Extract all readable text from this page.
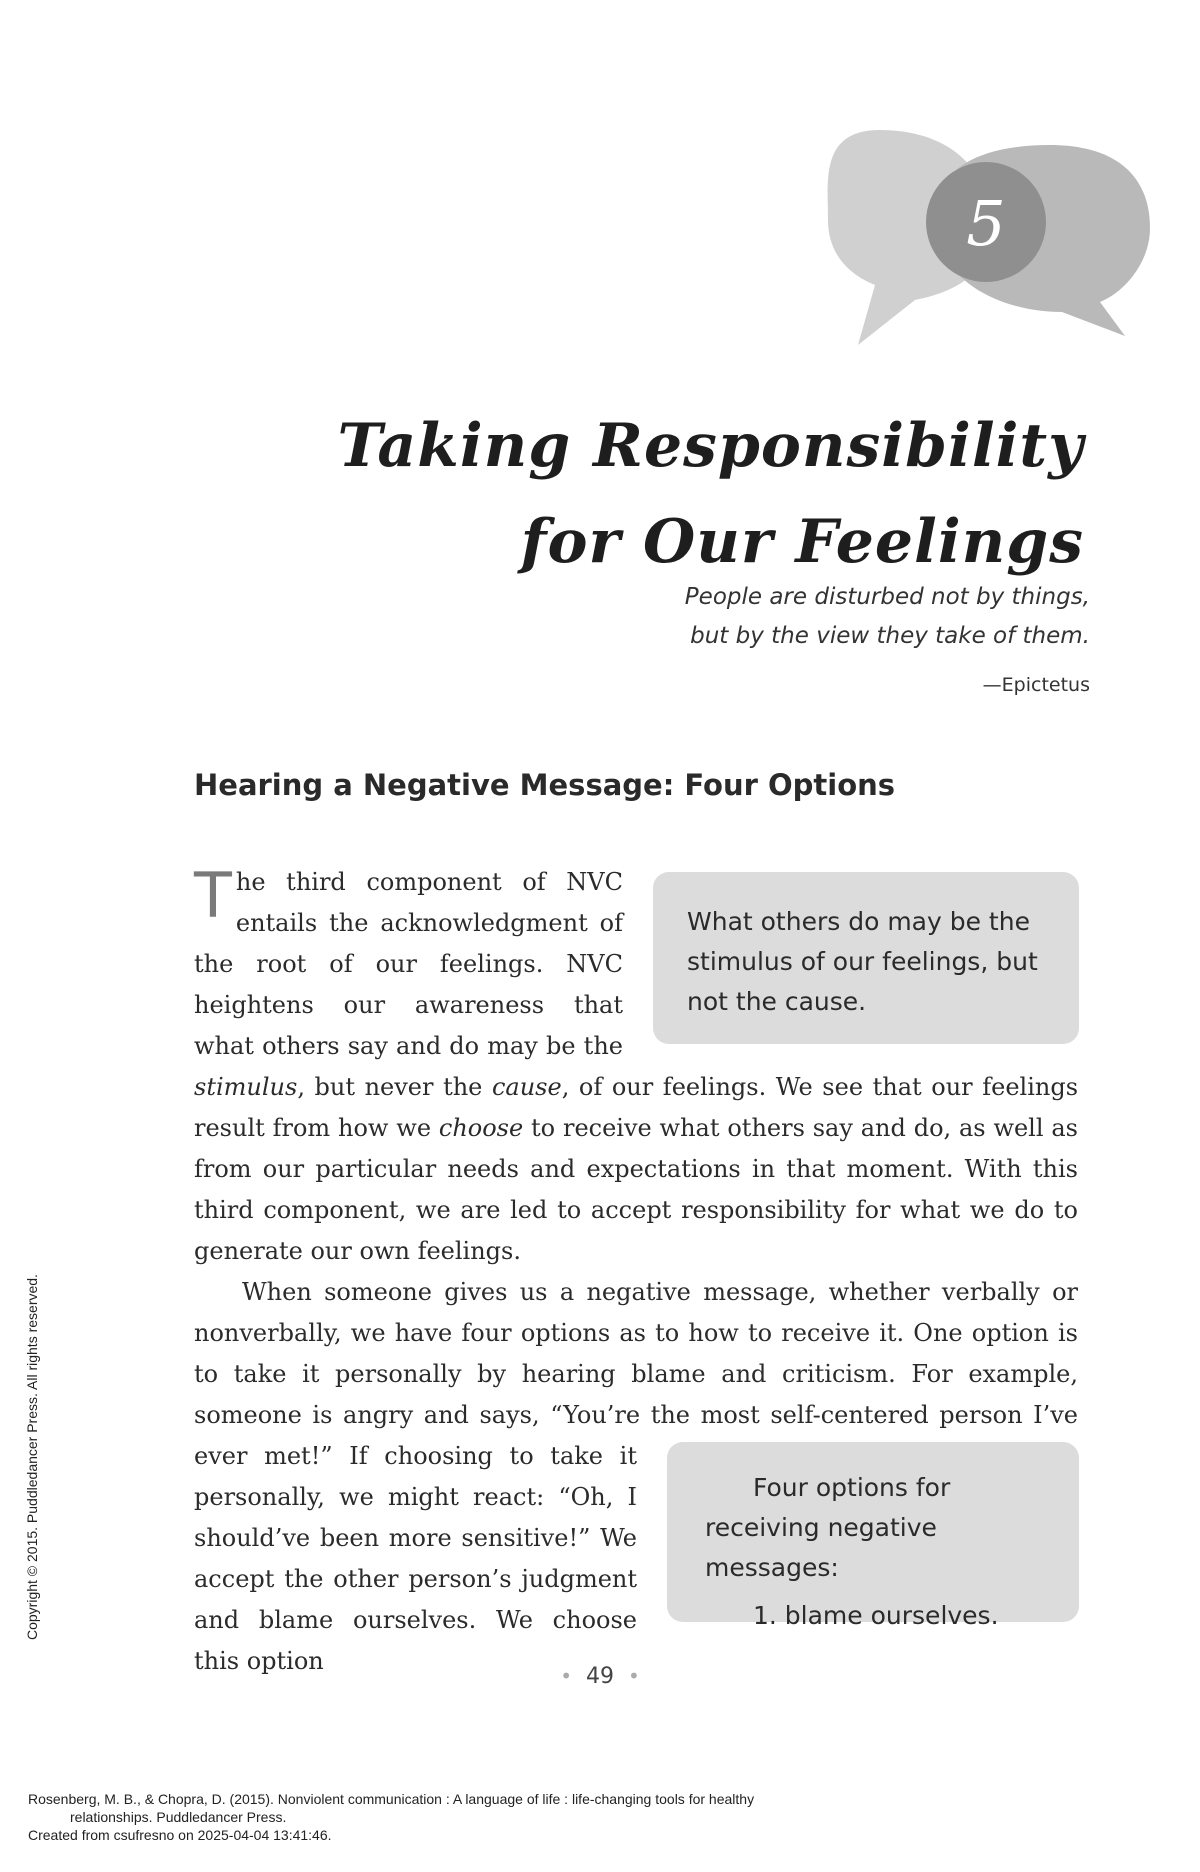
5
Taking Responsibility
for Our Feelings
People are disturbed not by things,
but by the view they take of them.
—Epictetus
Hearing a Negative Message: Four Options
What others do may be the stimulus of our feelings, but not the cause.

The third component of NVC entails the acknowledgment of the root of our feelings. NVC heightens our awareness that what others say and do may be the stimulus, but never the cause, of our feelings. We see that our feelings result from how we choose to receive what others say and do, as well as from our particular needs and expectations in that moment. With this third component, we are led to accept responsibility for what we do to generate our own feelings.

When someone gives us a negative message, whether verbally or nonverbally, we have four options as to how to receive it. One option is to take it personally by hearing blame and criticism. For example, someone is angry and says, “You’re the most self-centered
Four options for receiving negative messages:
1. blame ourselves.
person I’ve ever met!” If choosing to take it personally, we might react: “Oh, I should’ve been more sensitive!” We accept the other person’s judgment and blame ourselves. We choose this option

• 49 •
Copyright © 2015. Puddledancer Press. All rights reserved.
Rosenberg, M. B., & Chopra, D. (2015). Nonviolent communication : A language of life : life-changing tools for healthy
relationships. Puddledancer Press.
Created from csufresno on 2025-04-04 13:41:46.
